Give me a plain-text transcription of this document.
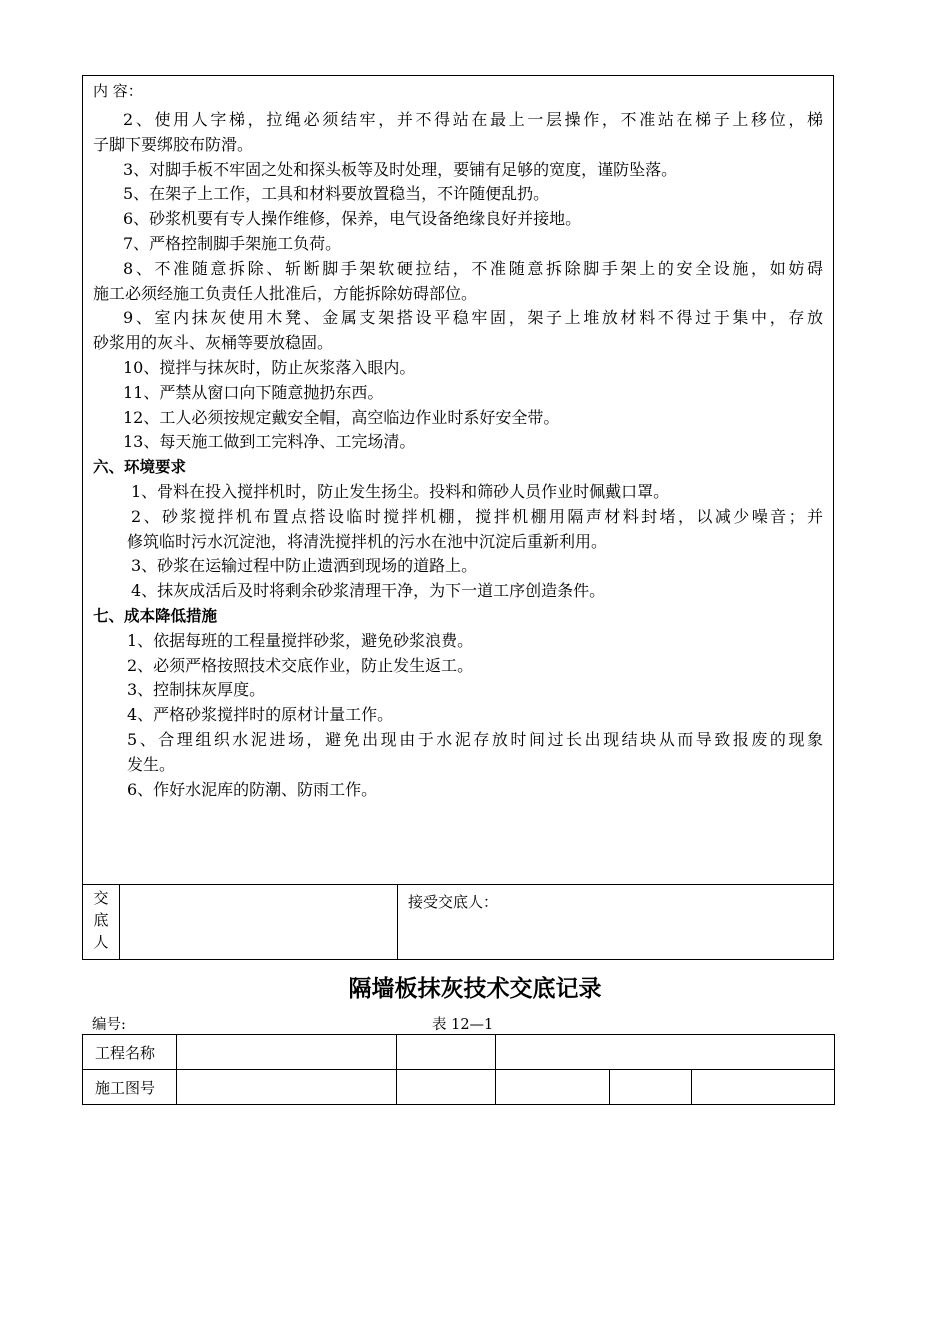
内 容：
2、使用人字梯，拉绳必须结牢，并不得站在最上一层操作，不准站在梯子上移位，梯
子脚下要绑胶布防滑。
3、对脚手板不牢固之处和探头板等及时处理，要铺有足够的宽度，谨防坠落。
5、在架子上工作，工具和材料要放置稳当，不许随便乱扔。
6、砂浆机要有专人操作维修，保养，电气设备绝缘良好并接地。
7、严格控制脚手架施工负荷。
8、不准随意拆除、斩断脚手架软硬拉结，不准随意拆除脚手架上的安全设施，如妨碍
施工必须经施工负责任人批准后，方能拆除妨碍部位。
9、室内抹灰使用木凳、金属支架搭设平稳牢固，架子上堆放材料不得过于集中，存放
砂浆用的灰斗、灰桶等要放稳固。
10、搅拌与抹灰时，防止灰浆落入眼内。
11、严禁从窗口向下随意抛扔东西。
12、工人必须按规定戴安全帽，高空临边作业时系好安全带。
13、每天施工做到工完料净、工完场清。
六、环境要求
1、骨料在投入搅拌机时，防止发生扬尘。投料和筛砂人员作业时佩戴口罩。
2、砂浆搅拌机布置点搭设临时搅拌机棚，搅拌机棚用隔声材料封堵，以减少噪音；并
修筑临时污水沉淀池，将清洗搅拌机的污水在池中沉淀后重新利用。
3、砂浆在运输过程中防止遗洒到现场的道路上。
4、抹灰成活后及时将剩余砂浆清理干净，为下一道工序创造条件。
七、成本降低措施
1、依据每班的工程量搅拌砂浆，避免砂浆浪费。
2、必须严格按照技术交底作业，防止发生返工。
3、控制抹灰厚度。
4、严格砂浆搅拌时的原材计量工作。
5、合理组织水泥进场，避免出现由于水泥存放时间过长出现结块从而导致报废的现象
发生。
6、作好水泥库的防潮、防雨工作。
交
底
人
接受交底人：
隔墙板抹灰技术交底记录
编号:	表 12—1
工程名称					
施工图号					
